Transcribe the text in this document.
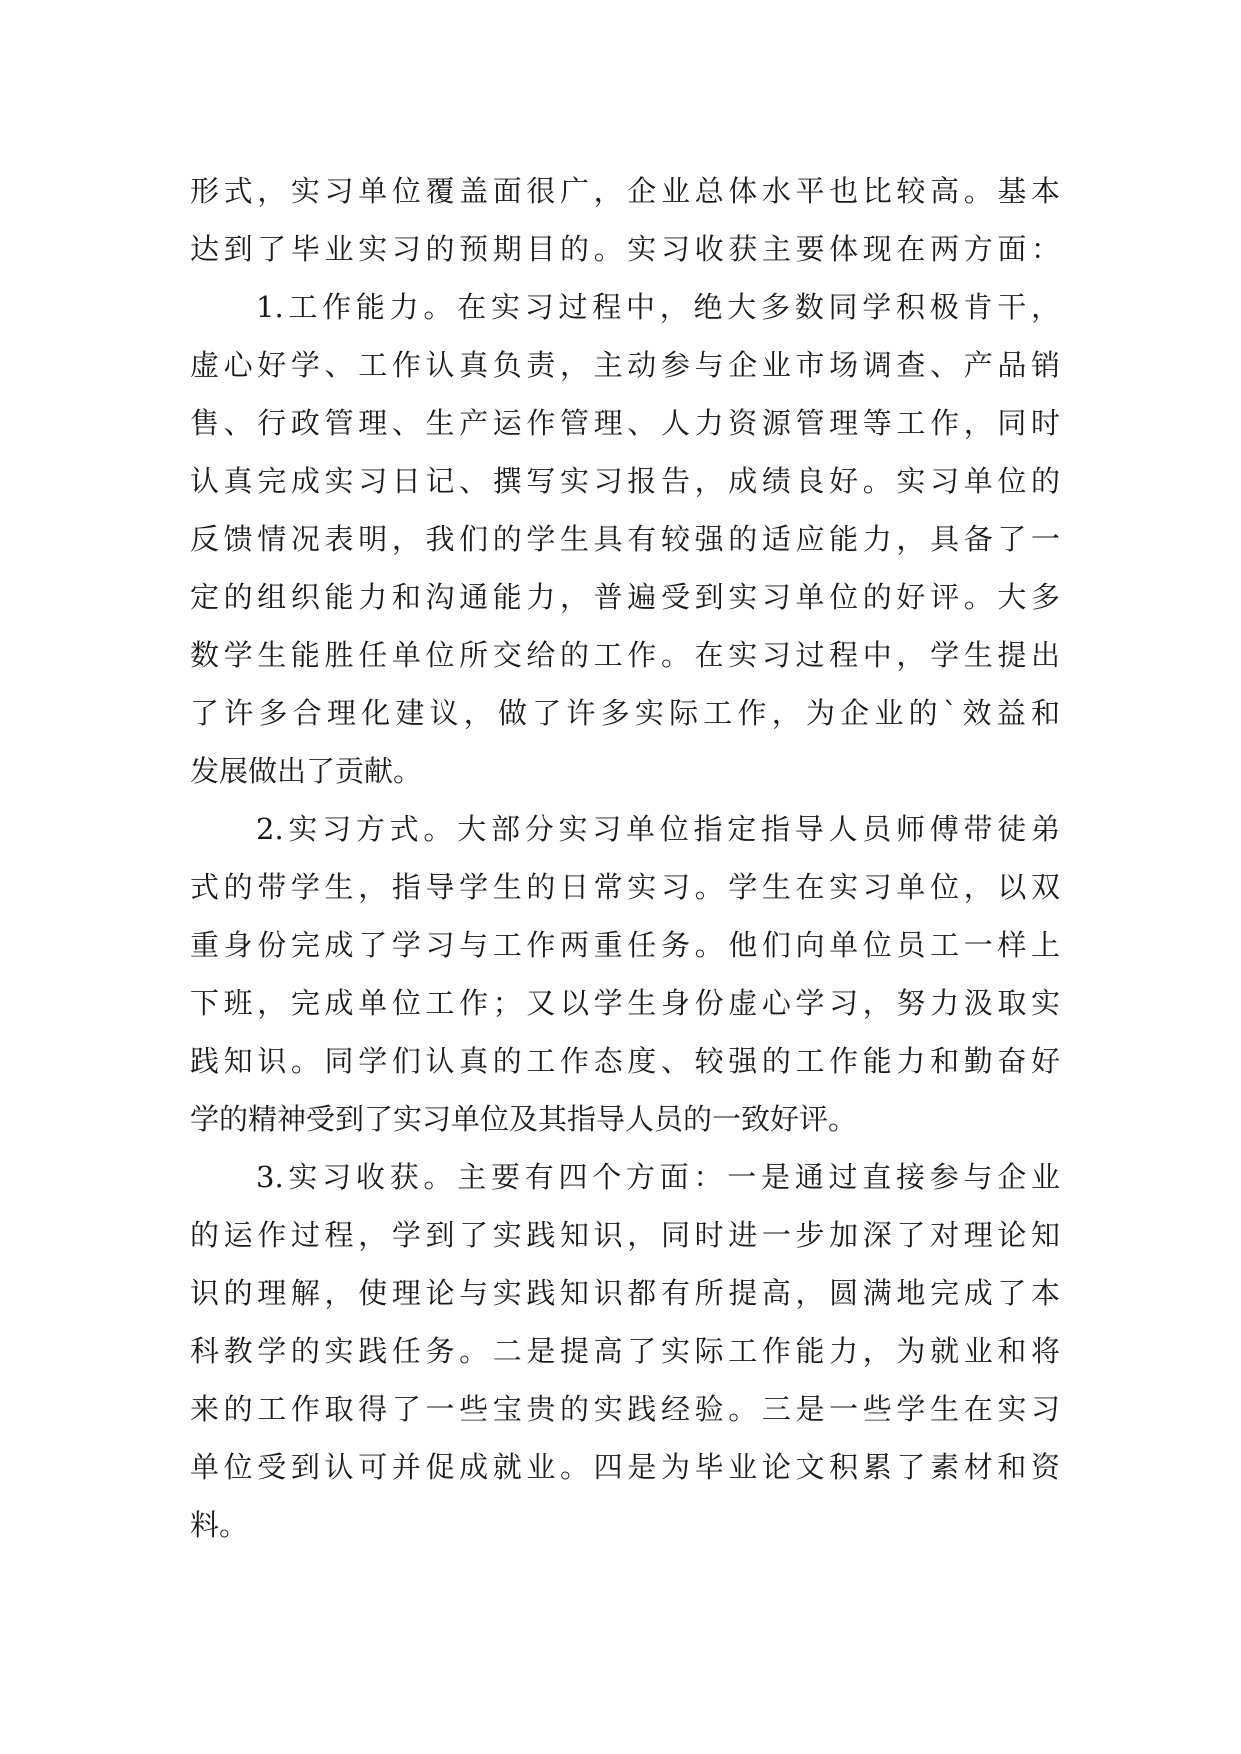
形式，实习单位覆盖面很广，企业总体水平也比较高。基本
达到了毕业实习的预期目的。实习收获主要体现在两方面：
1.工作能力。在实习过程中，绝大多数同学积极肯干，
虚心好学、工作认真负责，主动参与企业市场调查、产品销
售、行政管理、生产运作管理、人力资源管理等工作，同时
认真完成实习日记、撰写实习报告，成绩良好。实习单位的
反馈情况表明，我们的学生具有较强的适应能力，具备了一
定的组织能力和沟通能力，普遍受到实习单位的好评。大多
数学生能胜任单位所交给的工作。在实习过程中，学生提出
了许多合理化建议，做了许多实际工作，为企业的`效益和
发展做出了贡献。
2.实习方式。大部分实习单位指定指导人员师傅带徒弟
式的带学生，指导学生的日常实习。学生在实习单位，以双
重身份完成了学习与工作两重任务。他们向单位员工一样上
下班，完成单位工作；又以学生身份虚心学习，努力汲取实
践知识。同学们认真的工作态度、较强的工作能力和勤奋好
学的精神受到了实习单位及其指导人员的一致好评。
3.实习收获。主要有四个方面：一是通过直接参与企业
的运作过程，学到了实践知识，同时进一步加深了对理论知
识的理解，使理论与实践知识都有所提高，圆满地完成了本
科教学的实践任务。二是提高了实际工作能力，为就业和将
来的工作取得了一些宝贵的实践经验。三是一些学生在实习
单位受到认可并促成就业。四是为毕业论文积累了素材和资
料。
